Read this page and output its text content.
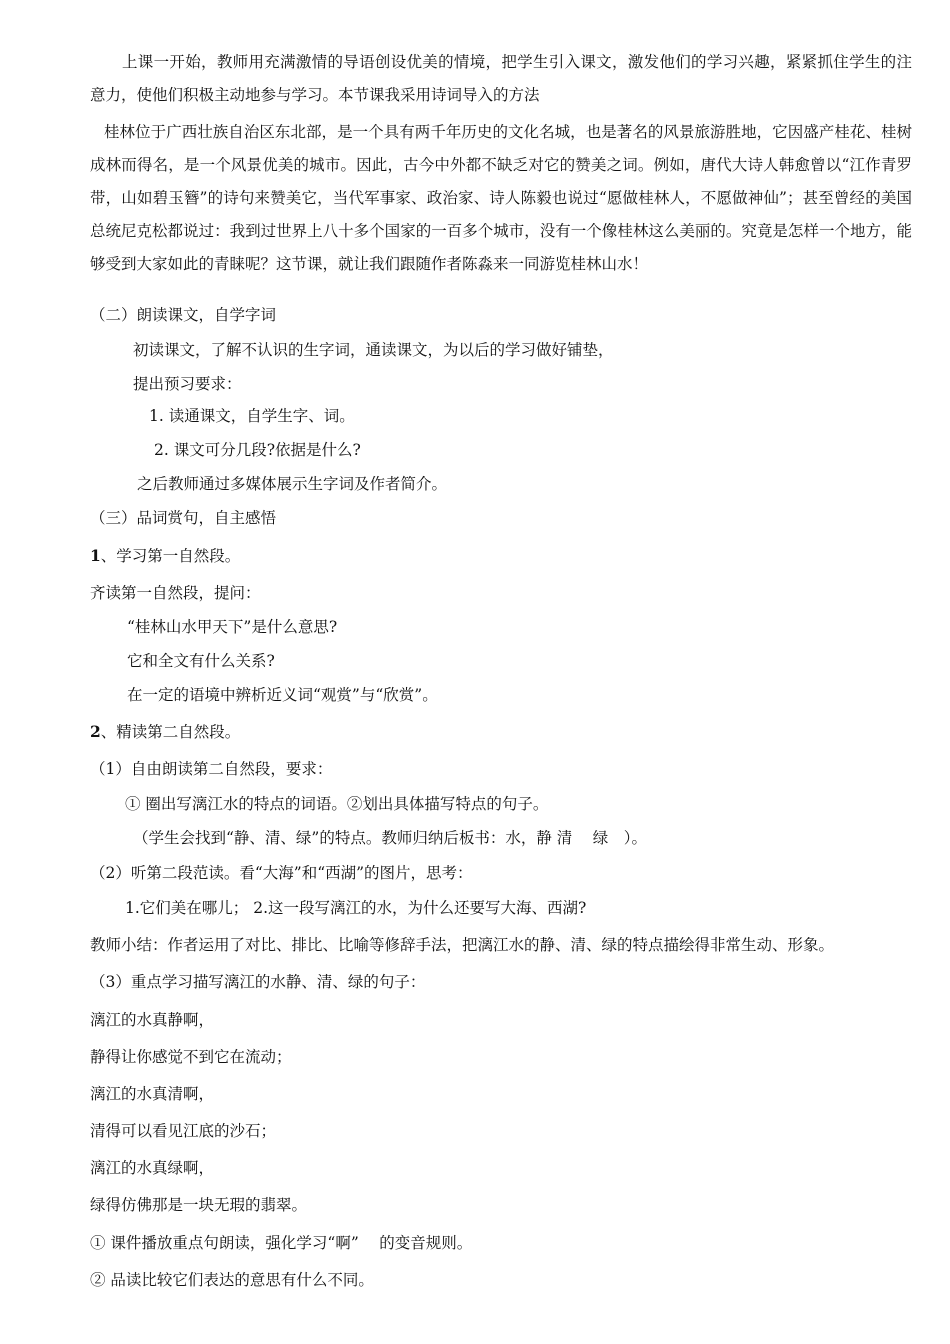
上课一开始，教师用充满激情的导语创设优美的情境，把学生引入课文，激发他们的学习兴趣，紧紧抓住学生的注意力，使他们积极主动地参与学习。本节课我采用诗词导入的方法
桂林位于广西壮族自治区东北部，是一个具有两千年历史的文化名城，也是著名的风景旅游胜地，它因盛产桂花、桂树成林而得名，是一个风景优美的城市。因此，古今中外都不缺乏对它的赞美之词。例如，唐代大诗人韩愈曾以“江作青罗带，山如碧玉簪”的诗句来赞美它，当代军事家、政治家、诗人陈毅也说过“愿做桂林人，不愿做神仙”；甚至曾经的美国总统尼克松都说过：我到过世界上八十多个国家的一百多个城市，没有一个像桂林这么美丽的。究竟是怎样一个地方，能够受到大家如此的青睐呢？这节课，就让我们跟随作者陈淼来一同游览桂林山水！
（二）朗读课文，自学字词
初读课文，了解不认识的生字词，通读课文，为以后的学习做好铺垫，
提出预习要求：
1. 读通课文，自学生字、词。
2. 课文可分几段?依据是什么?
之后教师通过多媒体展示生字词及作者简介。
（三）品词赏句，自主感悟
1、学习第一自然段。
齐读第一自然段，提问：
“桂林山水甲天下”是什么意思?
它和全文有什么关系?
在一定的语境中辨析近义词“观赏”与“欣赏”。
2、精读第二自然段。
（1）自由朗读第二自然段，要求：
① 圈出写漓江水的特点的词语。②划出具体描写特点的句子。
（学生会找到“静、清、绿”的特点。教师归纳后板书：水，静 清　 绿　）。
（2）听第二段范读。看“大海”和“西湖”的图片，思考：
1.它们美在哪儿； 2.这一段写漓江的水，为什么还要写大海、西湖?
教师小结：作者运用了对比、排比、比喻等修辞手法，把漓江水的静、清、绿的特点描绘得非常生动、形象。
（3）重点学习描写漓江的水静、清、绿的句子：
漓江的水真静啊，
静得让你感觉不到它在流动；
漓江的水真清啊，
清得可以看见江底的沙石；
漓江的水真绿啊，
绿得仿佛那是一块无瑕的翡翠。
① 课件播放重点句朗读，强化学习“啊”　 的变音规则。
② 品读比较它们表达的意思有什么不同。
